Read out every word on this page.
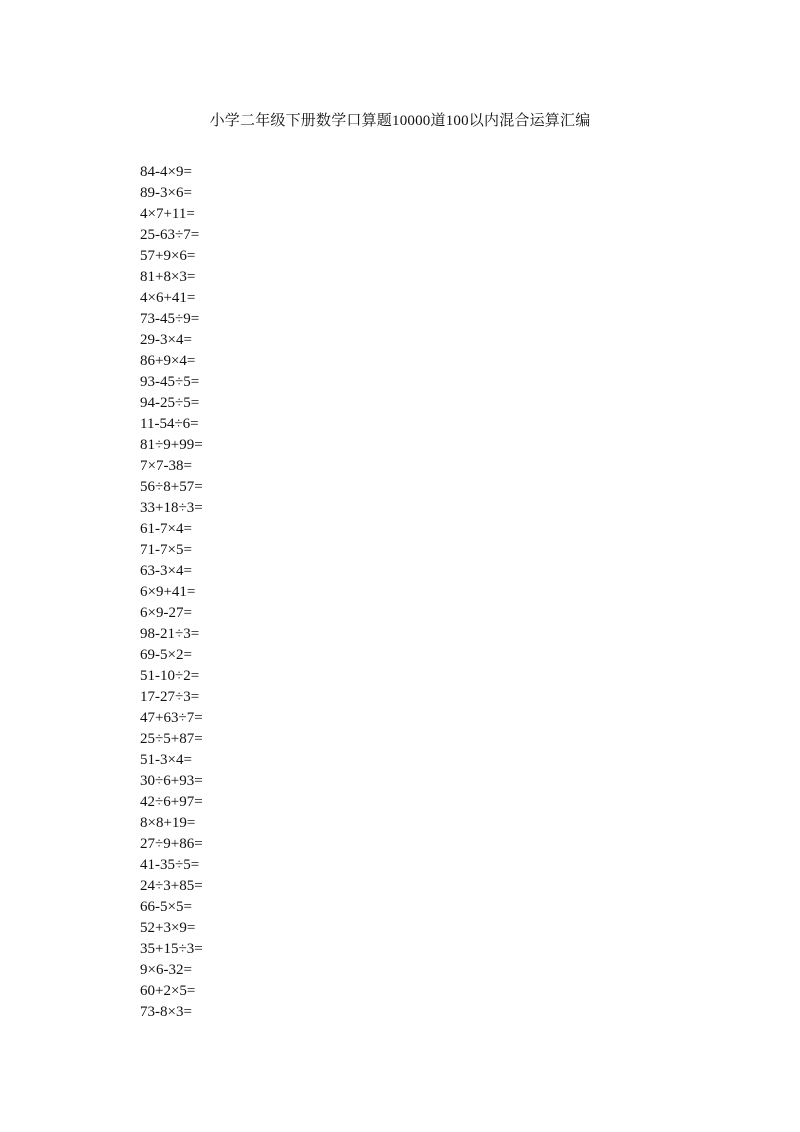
小学二年级下册数学口算题10000道100以内混合运算汇编
84-4×9=
89-3×6=
4×7+11=
25-63÷7=
57+9×6=
81+8×3=
4×6+41=
73-45÷9=
29-3×4=
86+9×4=
93-45÷5=
94-25÷5=
11-54÷6=
81÷9+99=
7×7-38=
56÷8+57=
33+18÷3=
61-7×4=
71-7×5=
63-3×4=
6×9+41=
6×9-27=
98-21÷3=
69-5×2=
51-10÷2=
17-27÷3=
47+63÷7=
25÷5+87=
51-3×4=
30÷6+93=
42÷6+97=
8×8+19=
27÷9+86=
41-35÷5=
24÷3+85=
66-5×5=
52+3×9=
35+15÷3=
9×6-32=
60+2×5=
73-8×3=
